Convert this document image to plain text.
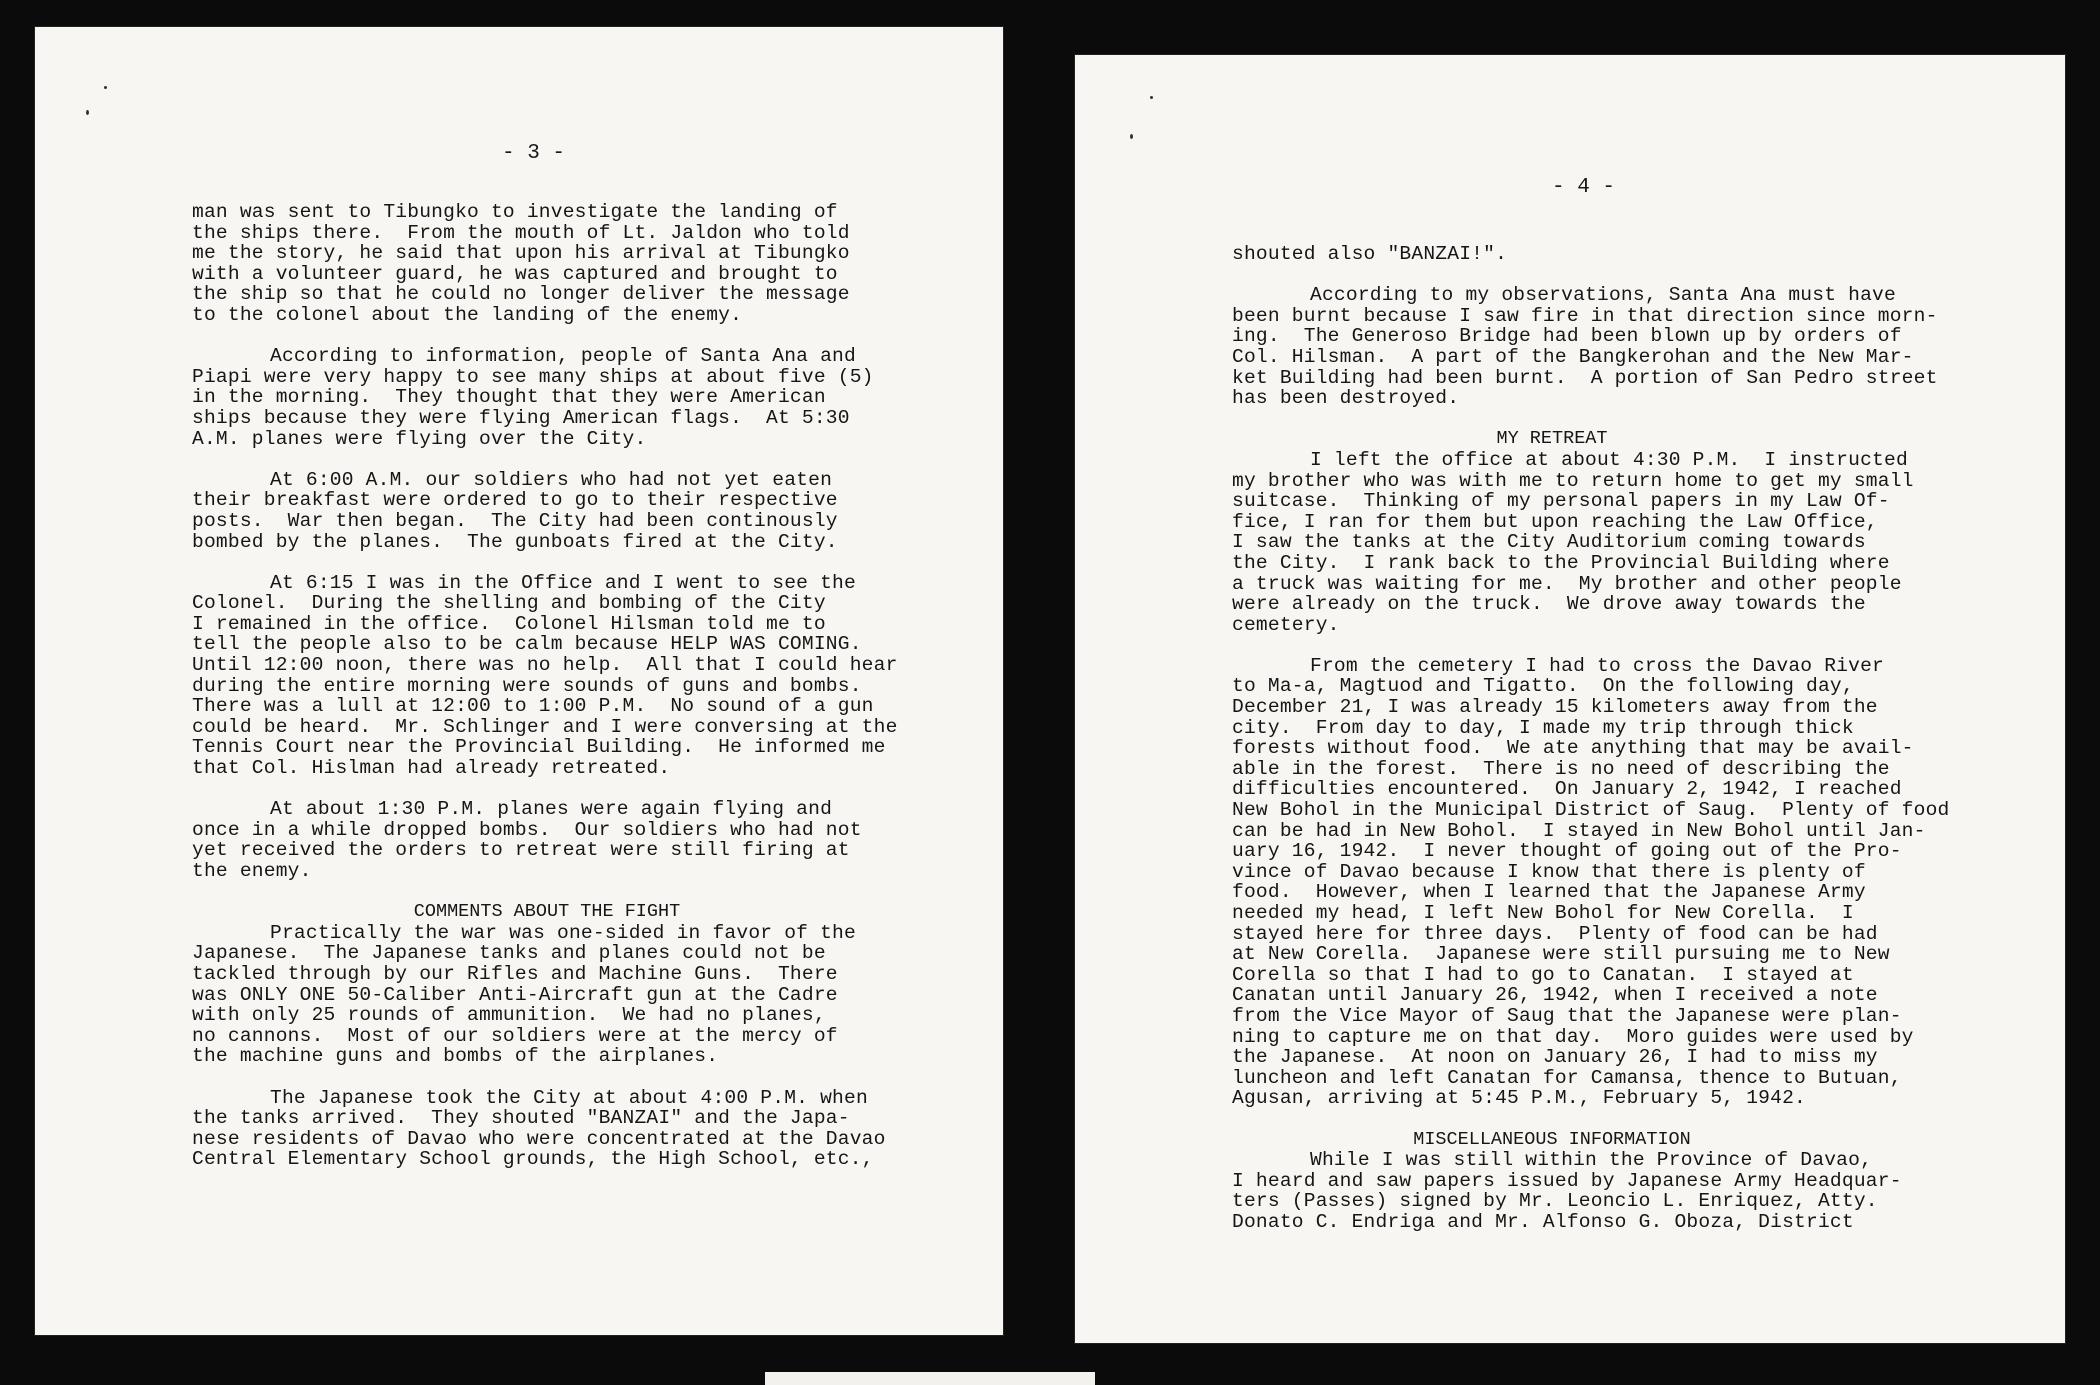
- 3 -

man was sent to Tibungko to investigate the landing of
the ships there.  From the mouth of Lt. Jaldon who told
me the story, he said that upon his arrival at Tibungko
with a volunteer guard, he was captured and brought to
the ship so that he could no longer deliver the message
to the colonel about the landing of the enemy.

According to information, people of Santa Ana and
Piapi were very happy to see many ships at about five (5)
in the morning.  They thought that they were American
ships because they were flying American flags.  At 5:30
A.M. planes were flying over the City.

At 6:00 A.M. our soldiers who had not yet eaten
their breakfast were ordered to go to their respective
posts.  War then began.  The City had been continously
bombed by the planes.  The gunboats fired at the City.

At 6:15 I was in the Office and I went to see the
Colonel.  During the shelling and bombing of the City
I remained in the office.  Colonel Hilsman told me to
tell the people also to be calm because HELP WAS COMING.
Until 12:00 noon, there was no help.  All that I could hear
during the entire morning were sounds of guns and bombs.
There was a lull at 12:00 to 1:00 P.M.  No sound of a gun
could be heard.  Mr. Schlinger and I were conversing at the
Tennis Court near the Provincial Building.  He informed me
that Col. Hislman had already retreated.

At about 1:30 P.M. planes were again flying and
once in a while dropped bombs.  Our soldiers who had not
yet received the orders to retreat were still firing at
the enemy.

COMMENTS ABOUT THE FIGHT

Practically the war was one-sided in favor of the
Japanese.  The Japanese tanks and planes could not be
tackled through by our Rifles and Machine Guns.  There
was ONLY ONE 50-Caliber Anti-Aircraft gun at the Cadre
with only 25 rounds of ammunition.  We had no planes,
no cannons.  Most of our soldiers were at the mercy of
the machine guns and bombs of the airplanes.

The Japanese took the City at about 4:00 P.M. when
the tanks arrived.  They shouted "BANZAI" and the Japa-
nese residents of Davao who were concentrated at the Davao
Central Elementary School grounds, the High School, etc.,

- 4 -

shouted also "BANZAI!".

According to my observations, Santa Ana must have
been burnt because I saw fire in that direction since morn-
ing.  The Generoso Bridge had been blown up by orders of
Col. Hilsman.  A part of the Bangkerohan and the New Mar-
ket Building had been burnt.  A portion of San Pedro street
has been destroyed.

MY RETREAT

I left the office at about 4:30 P.M.  I instructed
my brother who was with me to return home to get my small
suitcase.  Thinking of my personal papers in my Law Of-
fice, I ran for them but upon reaching the Law Office,
I saw the tanks at the City Auditorium coming towards
the City.  I rank back to the Provincial Building where
a truck was waiting for me.  My brother and other people
were already on the truck.  We drove away towards the
cemetery.

From the cemetery I had to cross the Davao River
to Ma-a, Magtuod and Tigatto.  On the following day,
December 21, I was already 15 kilometers away from the
city.  From day to day, I made my trip through thick
forests without food.  We ate anything that may be avail-
able in the forest.  There is no need of describing the
difficulties encountered.  On January 2, 1942, I reached
New Bohol in the Municipal District of Saug.  Plenty of food
can be had in New Bohol.  I stayed in New Bohol until Jan-
uary 16, 1942.  I never thought of going out of the Pro-
vince of Davao because I know that there is plenty of
food.  However, when I learned that the Japanese Army
needed my head, I left New Bohol for New Corella.  I
stayed here for three days.  Plenty of food can be had
at New Corella.  Japanese were still pursuing me to New
Corella so that I had to go to Canatan.  I stayed at
Canatan until January 26, 1942, when I received a note
from the Vice Mayor of Saug that the Japanese were plan-
ning to capture me on that day.  Moro guides were used by
the Japanese.  At noon on January 26, I had to miss my
luncheon and left Canatan for Camansa, thence to Butuan,
Agusan, arriving at 5:45 P.M., February 5, 1942.

MISCELLANEOUS INFORMATION

While I was still within the Province of Davao,
I heard and saw papers issued by Japanese Army Headquar-
ters (Passes) signed by Mr. Leoncio L. Enriquez, Atty.
Donato C. Endriga and Mr. Alfonso G. Oboza, District
